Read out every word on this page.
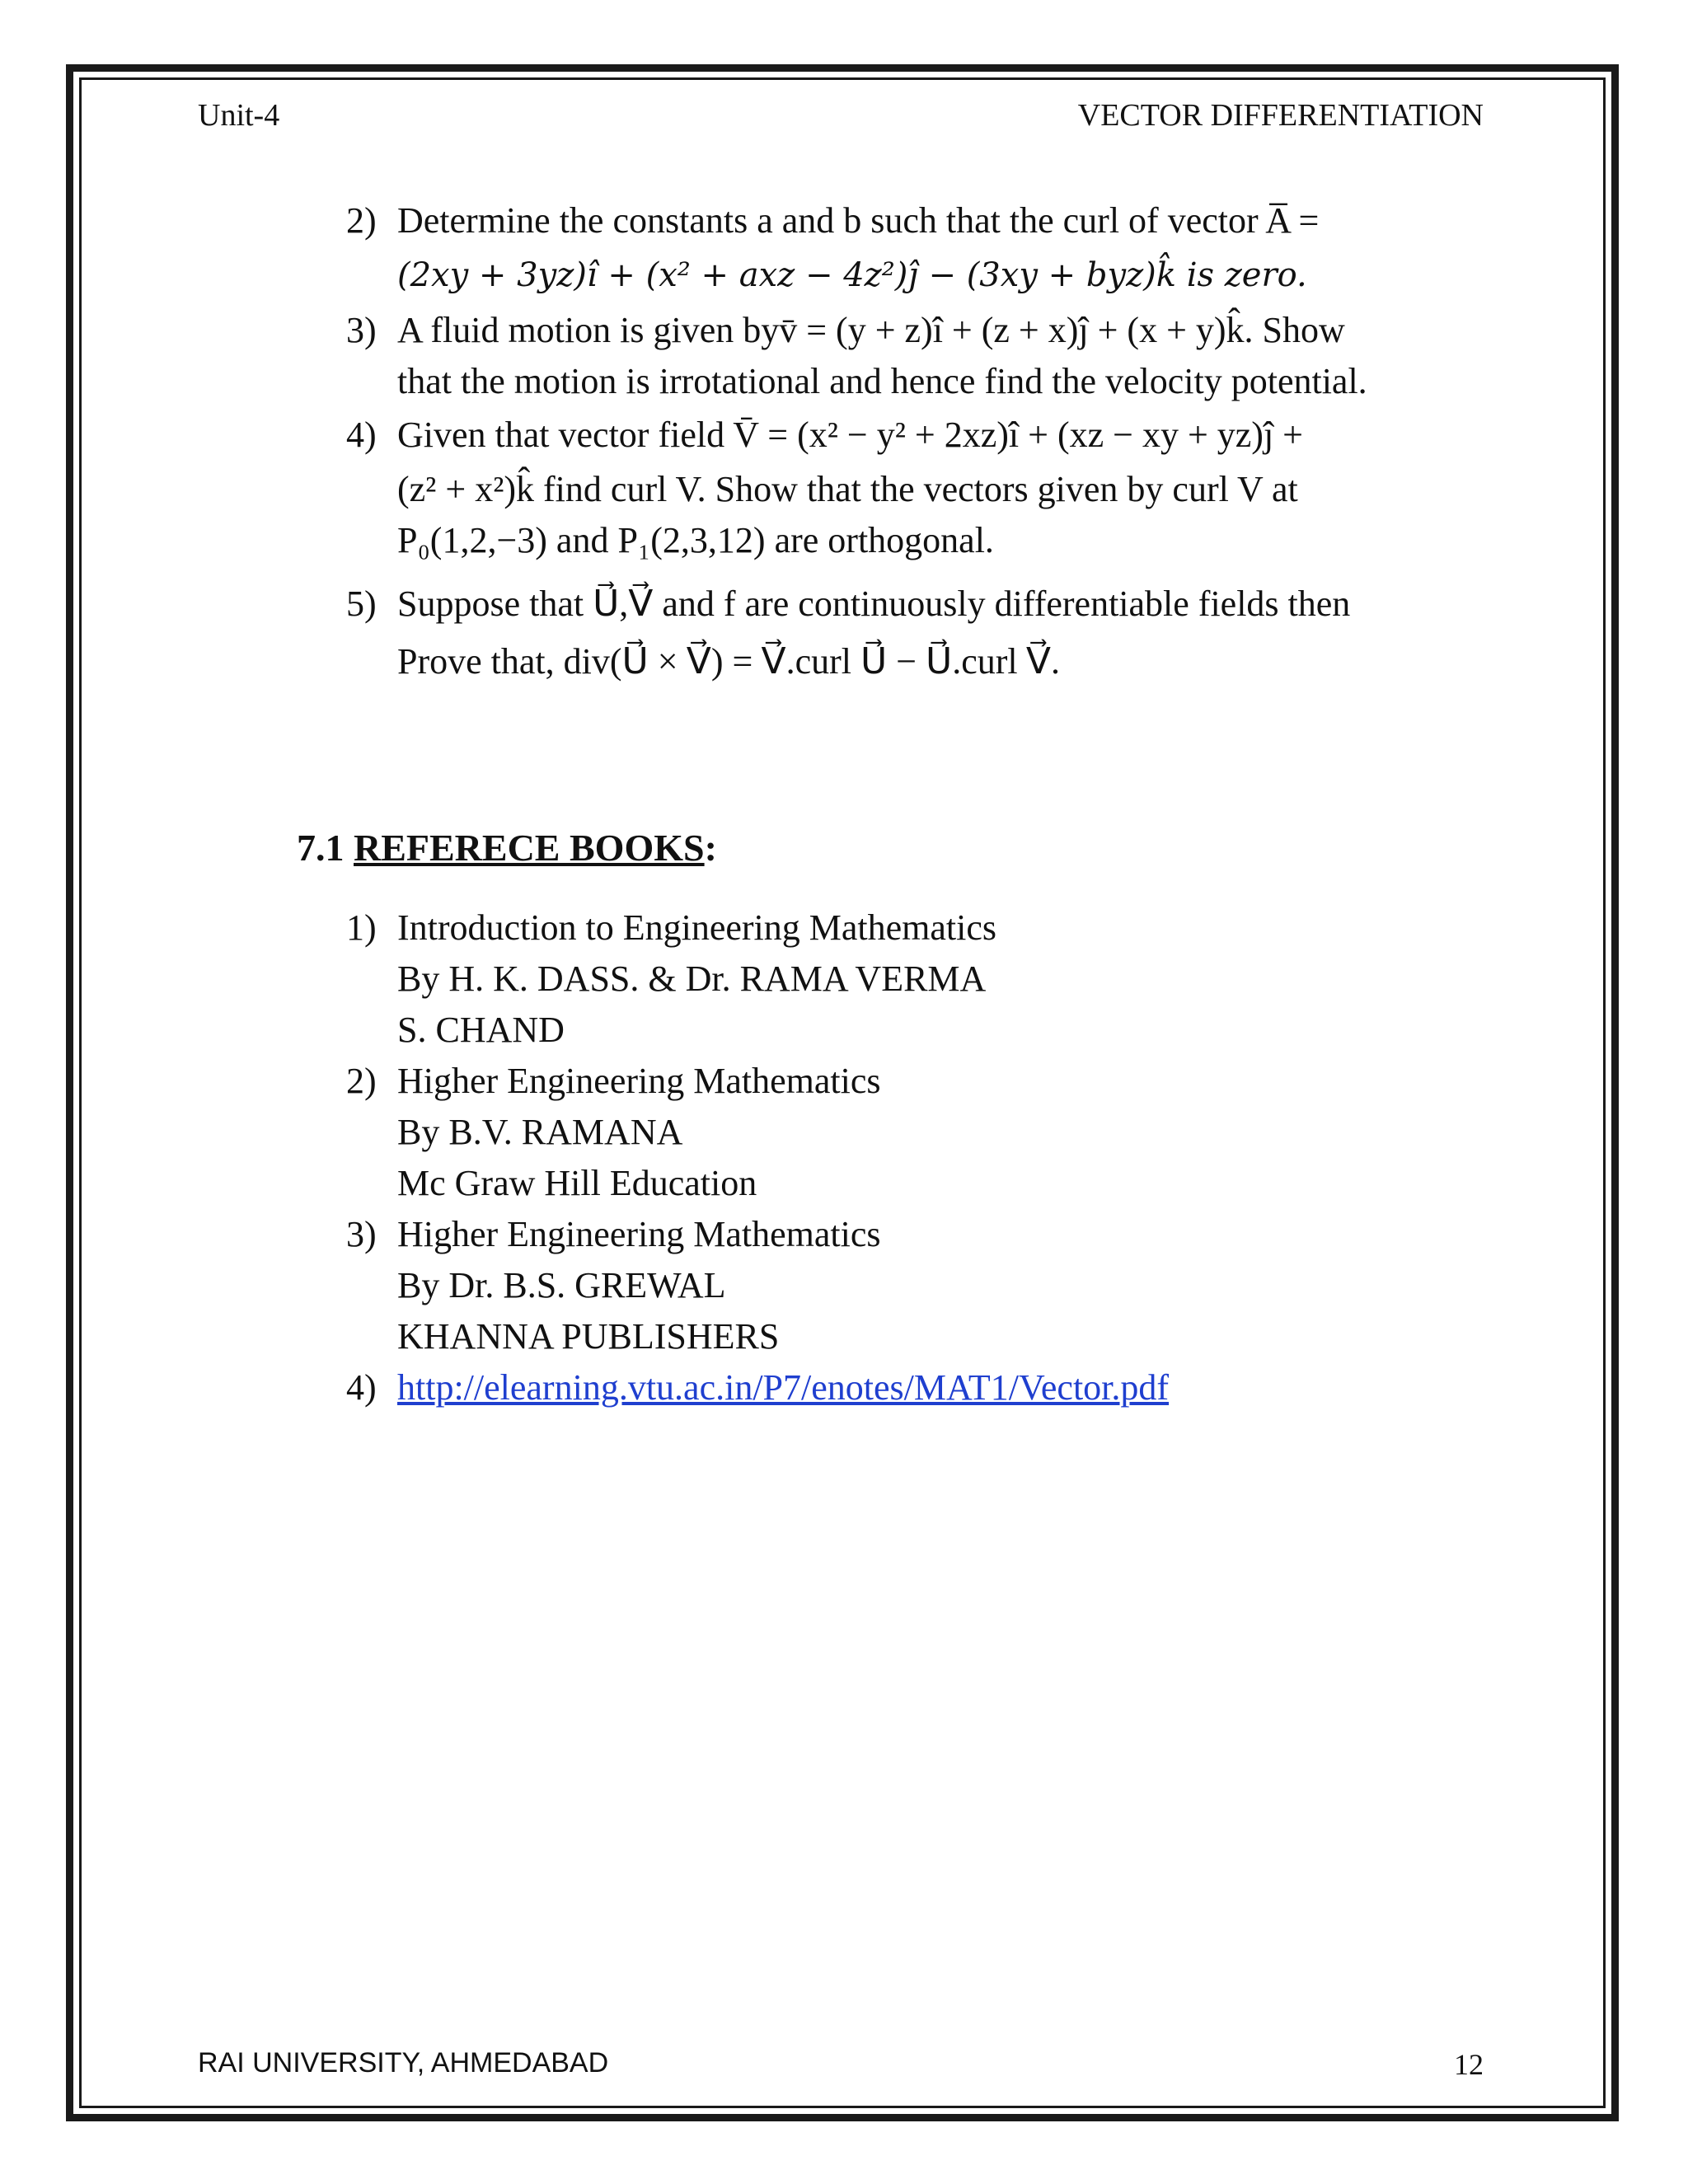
Unit-4	VECTOR DIFFERENTIATION
2) Determine the constants a and b such that the curl of vector A̅ =
(2xy + 3yz)î + (x² + axz − 4z²)ĵ − (3xy + byz)k̂ is zero.
3) A fluid motion is given byv̄ = (y + z)î + (z + x)ĵ + (x + y)k̂. Show
that the motion is irrotational and hence find the velocity potential.
4) Given that vector field V̄ = (x² − y² + 2xz)î + (xz − xy + yz)ĵ +
(z² + x²)k̂ find curl V. Show that the vectors given by curl V at
P₀(1,2,−3) and P₁(2,3,12) are orthogonal.
5) Suppose that U⃗,V⃗ and f are continuously differentiable fields then
Prove that, div(U⃗ × V⃗) = V⃗.curl U⃗ − U⃗.curl V⃗.
7.1 REFERECE BOOKS:
1) Introduction to Engineering Mathematics
By H. K. DASS. & Dr. RAMA VERMA
S. CHAND
2) Higher Engineering Mathematics
By B.V. RAMANA
Mc Graw Hill Education
3) Higher Engineering Mathematics
By Dr. B.S. GREWAL
KHANNA PUBLISHERS
4) http://elearning.vtu.ac.in/P7/enotes/MAT1/Vector.pdf
RAI UNIVERSITY, AHMEDABAD	12
